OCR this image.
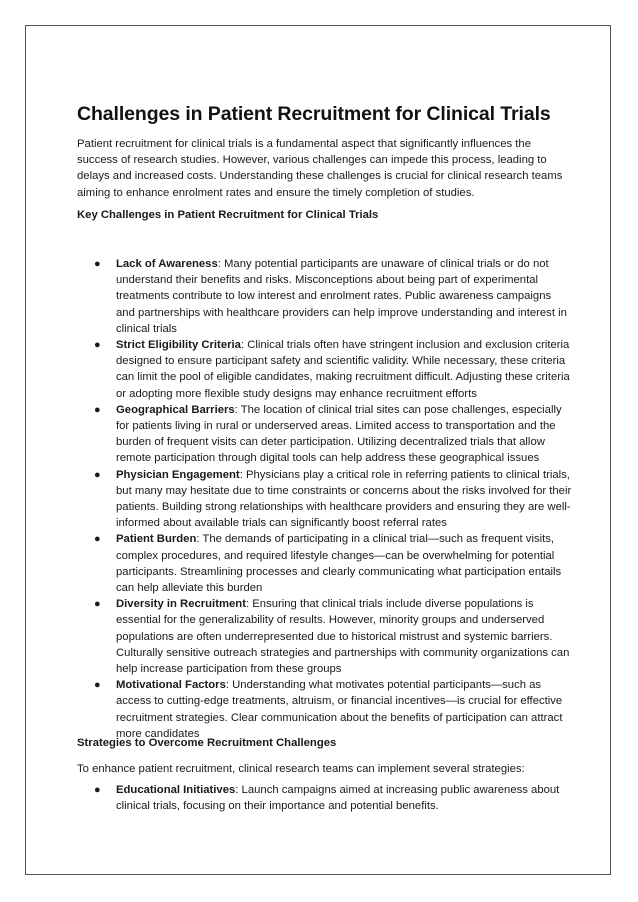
Challenges in Patient Recruitment for Clinical Trials

Patient recruitment for clinical trials is a fundamental aspect that significantly influences the success of research studies. However, various challenges can impede this process, leading to delays and increased costs. Understanding these challenges is crucial for clinical research teams aiming to enhance enrolment rates and ensure the timely completion of studies.

Key Challenges in Patient Recruitment for Clinical Trials
● Lack of Awareness: Many potential participants are unaware of clinical trials or do not understand their benefits and risks. Misconceptions about being part of experimental treatments contribute to low interest and enrolment rates. Public awareness campaigns and partnerships with healthcare providers can help improve understanding and interest in clinical trials
● Strict Eligibility Criteria: Clinical trials often have stringent inclusion and exclusion criteria designed to ensure participant safety and scientific validity. While necessary, these criteria can limit the pool of eligible candidates, making recruitment difficult. Adjusting these criteria or adopting more flexible study designs may enhance recruitment efforts
● Geographical Barriers: The location of clinical trial sites can pose challenges, especially for patients living in rural or underserved areas. Limited access to transportation and the burden of frequent visits can deter participation. Utilizing decentralized trials that allow remote participation through digital tools can help address these geographical issues
● Physician Engagement: Physicians play a critical role in referring patients to clinical trials, but many may hesitate due to time constraints or concerns about the risks involved for their patients. Building strong relationships with healthcare providers and ensuring they are well-informed about available trials can significantly boost referral rates
● Patient Burden: The demands of participating in a clinical trial—such as frequent visits, complex procedures, and required lifestyle changes—can be overwhelming for potential participants. Streamlining processes and clearly communicating what participation entails can help alleviate this burden
● Diversity in Recruitment: Ensuring that clinical trials include diverse populations is essential for the generalizability of results. However, minority groups and underserved populations are often underrepresented due to historical mistrust and systemic barriers. Culturally sensitive outreach strategies and partnerships with community organizations can help increase participation from these groups
● Motivational Factors: Understanding what motivates potential participants—such as access to cutting-edge treatments, altruism, or financial incentives—is crucial for effective recruitment strategies. Clear communication about the benefits of participation can attract more candidates
Strategies to Overcome Recruitment Challenges

To enhance patient recruitment, clinical research teams can implement several strategies:

● Educational Initiatives: Launch campaigns aimed at increasing public awareness about clinical trials, focusing on their importance and potential benefits.
